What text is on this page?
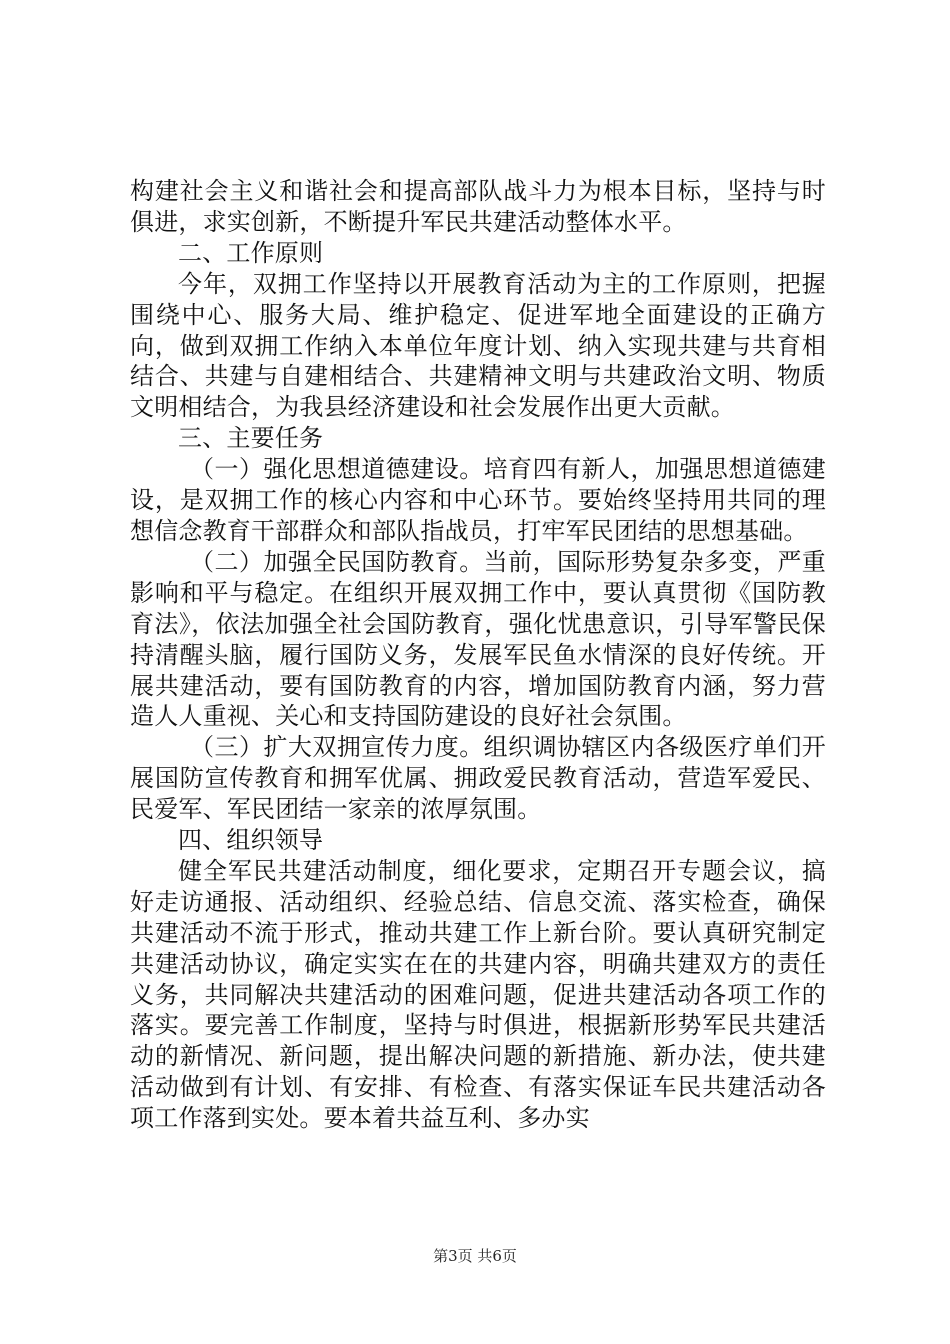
构建社会主义和谐社会和提高部队战斗力为根本目标，坚持与时俱进，求实创新，不断提升军民共建活动整体水平。

二、工作原则

今年，双拥工作坚持以开展教育活动为主的工作原则，把握围绕中心、服务大局、维护稳定、促进军地全面建设的正确方向，做到双拥工作纳入本单位年度计划、纳入实现共建与共育相结合、共建与自建相结合、共建精神文明与共建政治文明、物质文明相结合，为我县经济建设和社会发展作出更大贡献。

三、主要任务

（一）强化思想道德建设。培育四有新人，加强思想道德建设，是双拥工作的核心内容和中心环节。要始终坚持用共同的理想信念教育干部群众和部队指战员，打牢军民团结的思想基础。

（二）加强全民国防教育。当前，国际形势复杂多变，严重影响和平与稳定。在组织开展双拥工作中，要认真贯彻《国防教育法》，依法加强全社会国防教育，强化忧患意识，引导军警民保持清醒头脑，履行国防义务，发展军民鱼水情深的良好传统。开展共建活动，要有国防教育的内容，增加国防教育内涵，努力营造人人重视、关心和支持国防建设的良好社会氛围。

（三）扩大双拥宣传力度。组织调协辖区内各级医疗单们开展国防宣传教育和拥军优属、拥政爱民教育活动，营造军爱民、民爱军、军民团结一家亲的浓厚氛围。

四、组织领导

健全军民共建活动制度，细化要求，定期召开专题会议，搞好走访通报、活动组织、经验总结、信息交流、落实检查，确保共建活动不流于形式，推动共建工作上新台阶。要认真研究制定共建活动协议，确定实实在在的共建内容，明确共建双方的责任义务，共同解决共建活动的困难问题，促进共建活动各项工作的落实。要完善工作制度，坚持与时俱进，根据新形势军民共建活动的新情况、新问题，提出解决问题的新措施、新办法，使共建活动做到有计划、有安排、有检查、有落实保证车民共建活动各项工作落到实处。要本着共益互利、多办实

第3页 共6页
